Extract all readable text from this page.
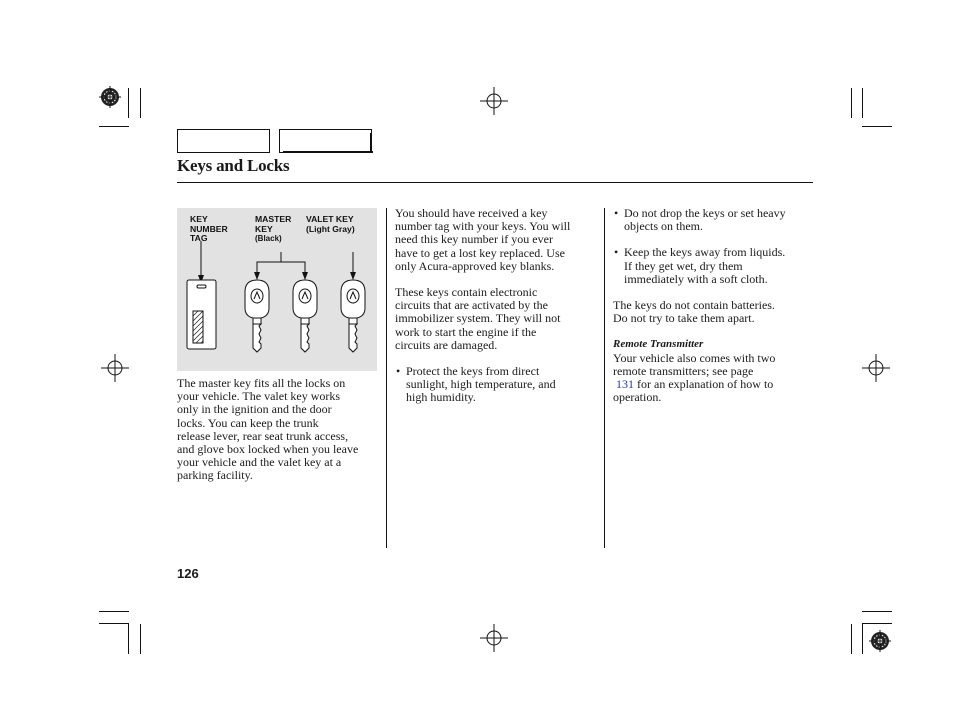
Keys and Locks
KEY
NUMBER
TAG
MASTER
KEY
(Black)
VALET KEY
(Light Gray)

The master key fits all the locks on
your vehicle. The valet key works
only in the ignition and the door
locks. You can keep the trunk
release lever, rear seat trunk access,
and glove box locked when you leave
your vehicle and the valet key at a
parking facility.

You should have received a key
number tag with your keys. You will
need this key number if you ever
have to get a lost key replaced. Use
only Acura-approved key blanks.

These keys contain electronic
circuits that are activated by the
immobilizer system. They will not
work to start the engine if the
circuits are damaged.

• Protect the keys from direct
sunlight, high temperature, and
high humidity.

• Do not drop the keys or set heavy
objects on them.

• Keep the keys away from liquids.
If they get wet, dry them
immediately with a soft cloth.

The keys do not contain batteries.
Do not try to take them apart.

Remote Transmitter

Your vehicle also comes with two
remote transmitters; see page
131 for an explanation of how to
operation.

126
